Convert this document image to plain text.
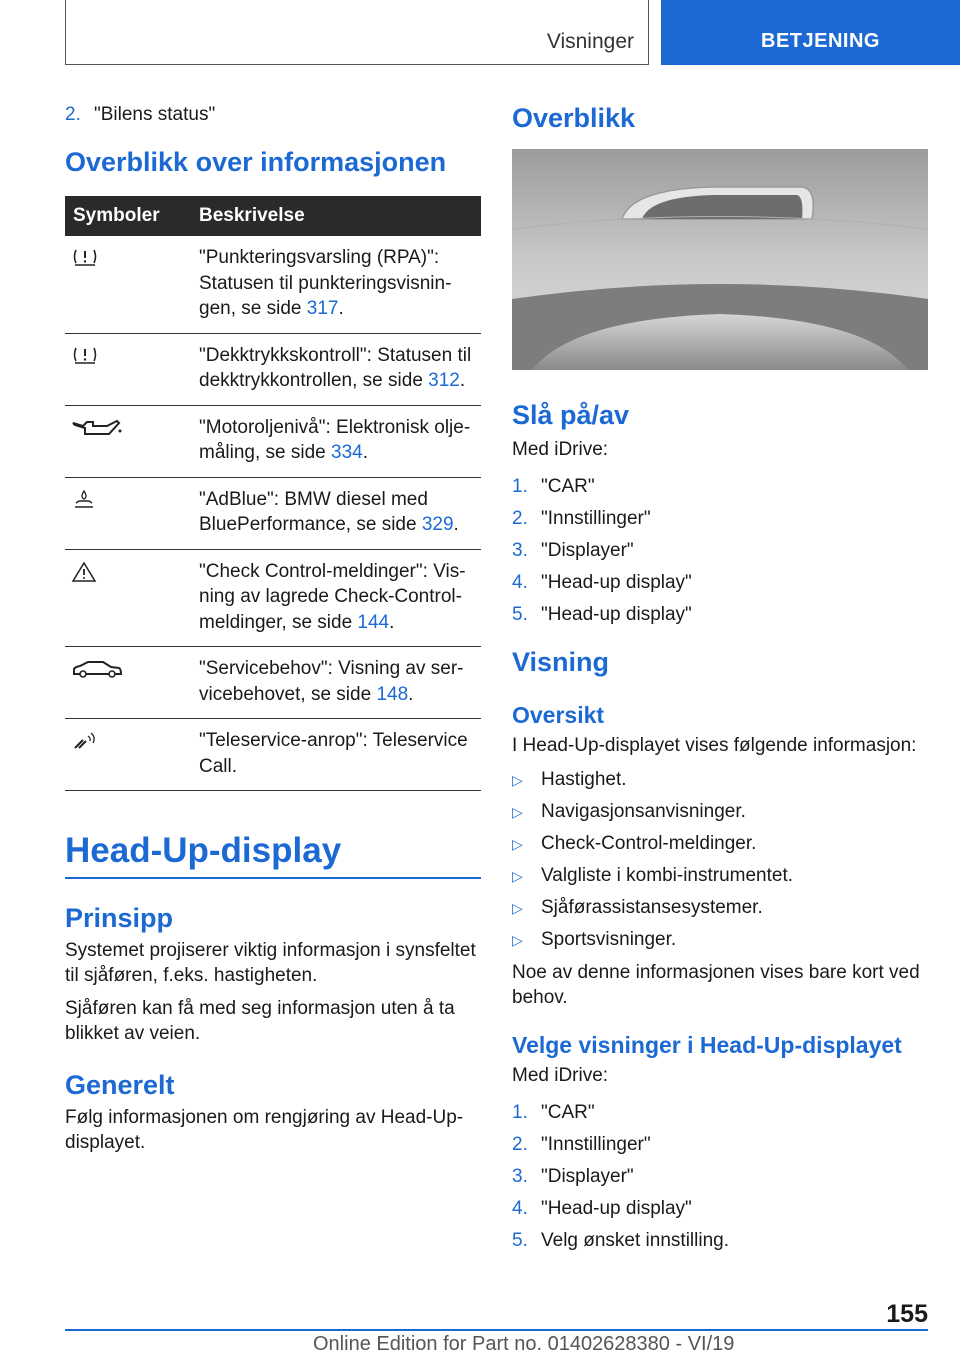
Visninger	BETJENING
2. "Bilens status"
Overblikk over informasjonen
Symboler	Beskrivelse

	"Punkteringsvarsling (RPA)": Statusen til punkteringsvisnin-gen, se side 317.

	"Dekktrykkskontroll": Statusen til dekktrykkontrollen, se side 312.

	"Motoroljenivå": Elektronisk olje-måling, se side 334.

	"AdBlue": BMW diesel med BluePerformance, se side 329.

	"Check Control-meldinger": Vis-ning av lagrede Check-Control-meldinger, se side 144.

	"Servicebehov": Visning av ser-vicebehovet, se side 148.

	"Teleservice-anrop": Teleservice Call.
Head-Up-display
Prinsipp
Systemet projiserer viktig informasjon i synsfeltet til sjåføren, f.eks. hastigheten.
Sjåføren kan få med seg informasjon uten å ta blikket av veien.
Generelt
Følg informasjonen om rengjøring av Head-Up-displayet.
Overblikk
Slå på/av
Med iDrive:
1. "CAR"
2. "Innstillinger"
3. "Displayer"
4. "Head-up display"
5. "Head-up display"
Visning
Oversikt
I Head-Up-displayet vises følgende informasjon:
▷ Hastighet.
▷ Navigasjonsanvisninger.
▷ Check-Control-meldinger.
▷ Valgliste i kombi-instrumentet.
▷ Sjåførassistansesystemer.
▷ Sportsvisninger.
Noe av denne informasjonen vises bare kort ved behov.
Velge visninger i Head-Up-displayet
Med iDrive:
1. "CAR"
2. "Innstillinger"
3. "Displayer"
4. "Head-up display"
5. Velg ønsket innstilling.
155
Online Edition for Part no. 01402628380 - VI/19
